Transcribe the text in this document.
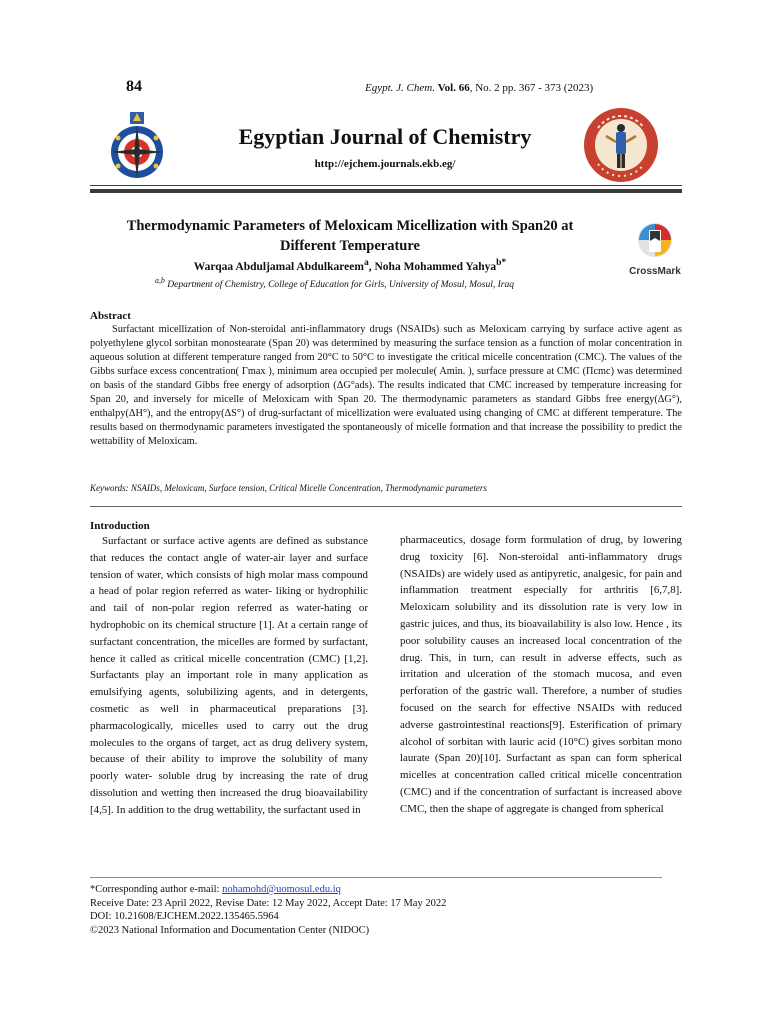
84	Egypt. J. Chem. Vol. 66, No. 2 pp. 367 - 373 (2023)
Egyptian Journal of Chemistry
http://ejchem.journals.ekb.eg/
Thermodynamic Parameters of Meloxicam Micellization with Span20 at
Different Temperature
Warqaa Abduljamal Abdulkareem$^a$, Noha Mohammed Yahya$^{b*}$
$^{a,b}$ Department of Chemistry, College of Education for Girls, University of Mosul, Mosul, Iraq
CrossMark
Abstract

Surfactant micellization of Non-steroidal anti-inflammatory drugs (NSAIDs) such as Meloxicam carrying by surface active agent as polyethylene glycol sorbitan monostearate (Span 20) was determined by measuring the surface tension as a function of molar concentration in aqueous solution at different temperature ranged from 20°C to 50°C to investigate the critical micelle concentration (CMC). The values of the Gibbs surface excess concentration( Γmax ), minimum area occupied per molecule( Amin. ), surface pressure at CMC (Πcmc) was determined on basis of the standard Gibbs free energy of adsorption (ΔG°ads). The results indicated that CMC increased by temperature increasing for Span 20, and inversely for micelle of Meloxicam with Span 20. The thermodynamic parameters as standard Gibbs free energy(ΔG°), enthalpy(ΔH°), and the entropy(ΔS°) of drug-surfactant of micellization were evaluated using changing of CMC at different temperature. The results based on thermodynamic parameters investigated the spontaneously of micelle formation and that increase the possibility to predict the wettability of Meloxicam.

Keywords: NSAIDs, Meloxicam, Surface tension, Critical Micelle Concentration, Thermodynamic parameters
Introduction

Surfactant or surface active agents are defined as substance that reduces the contact angle of water-air layer and surface tension of water, which consists of high molar mass compound a head of polar region referred as water- liking or hydrophilic and tail of non-polar region referred as water-hating or hydrophobic on its chemical structure [1]. At a certain range of surfactant concentration, the micelles are formed by surfactant, hence it called as critical micelle concentration (CMC) [1,2]. Surfactants play an important role in many application as emulsifying agents, solubilizing agents, and in detergents, cosmetic as well in pharmaceutical preparations [3]. pharmacologically, micelles used to carry out the drug molecules to the organs of target, act as drug delivery system, because of their ability to improve the solubility of many poorly water- soluble drug by increasing the rate of drug dissolution and wetting then increased the drug bioavailability [4,5]. In addition to the drug wettability, the surfactant used in

pharmaceutics, dosage form formulation of drug, by lowering drug toxicity [6]. Non-steroidal anti-inflammatory drugs (NSAIDs) are widely used as antipyretic, analgesic, for pain and inflammation treatment especially for arthritis [6,7,8]. Meloxicam solubility and its dissolution rate is very low in gastric juices, and thus, its bioavailability is also low. Hence , its poor solubility causes an increased local concentration of the drug. This, in turn, can result in adverse effects, such as irritation and ulceration of the stomach mucosa, and even perforation of the gastric wall. Therefore, a number of studies focused on the search for effective NSAIDs with reduced adverse gastrointestinal reactions[9]. Esterification of primary alcohol of sorbitan with lauric acid (10°C) gives sorbitan mono laurate (Span 20)[10]. Surfactant as span can form spherical micelles at concentration called critical micelle concentration (CMC) and if the concentration of surfactant is increased above CMC, then the shape of aggregate is changed from spherical

*Corresponding author e-mail: nohamohd@uomosul.edu.iq
Receive Date: 23 April 2022, Revise Date: 12 May 2022, Accept Date: 17 May 2022
DOI: 10.21608/EJCHEM.2022.135465.5964
©2023 National Information and Documentation Center (NIDOC)
